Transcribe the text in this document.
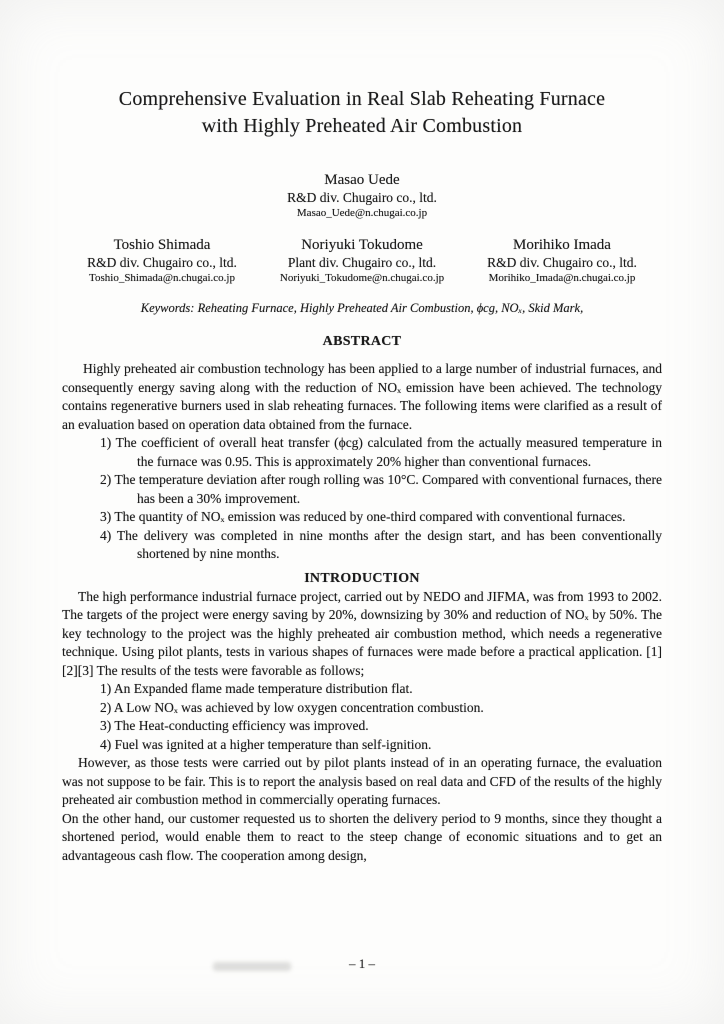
Comprehensive Evaluation in Real Slab Reheating Furnace
with Highly Preheated Air Combustion
Masao Uede
R&D div. Chugairo co., ltd.
Masao_Uede@n.chugai.co.jp
Toshio Shimada
R&D div. Chugairo co., ltd.
Toshio_Shimada@n.chugai.co.jp
Noriyuki Tokudome
Plant div. Chugairo co., ltd.
Noriyuki_Tokudome@n.chugai.co.jp
Morihiko Imada
R&D div. Chugairo co., ltd.
Morihiko_Imada@n.chugai.co.jp
Keywords: Reheating Furnace, Highly Preheated Air Combustion, ϕcg, NOₓ, Skid Mark,
ABSTRACT

Highly preheated air combustion technology has been applied to a large number of industrial furnaces, and consequently energy saving along with the reduction of NOₓ emission have been achieved. The technology contains regenerative burners used in slab reheating furnaces. The following items were clarified as a result of an evaluation based on operation data obtained from the furnace.

1) The coefficient of overall heat transfer (ϕcg) calculated from the actually measured temperature in the furnace was 0.95. This is approximately 20% higher than conventional furnaces.
2) The temperature deviation after rough rolling was 10°C. Compared with conventional furnaces, there has been a 30% improvement.
3) The quantity of NOₓ emission was reduced by one-third compared with conventional furnaces.
4) The delivery was completed in nine months after the design start, and has been conventionally shortened by nine months.
INTRODUCTION

The high performance industrial furnace project, carried out by NEDO and JIFMA, was from 1993 to 2002. The targets of the project were energy saving by 20%, downsizing by 30% and reduction of NOₓ by 50%. The key technology to the project was the highly preheated air combustion method, which needs a regenerative technique. Using pilot plants, tests in various shapes of furnaces were made before a practical application. [1][2][3] The results of the tests were favorable as follows;

1) An Expanded flame made temperature distribution flat.
2) A Low NOₓ was achieved by low oxygen concentration combustion.
3) The Heat-conducting efficiency was improved.
4) Fuel was ignited at a higher temperature than self-ignition.

However, as those tests were carried out by pilot plants instead of in an operating furnace, the evaluation was not suppose to be fair. This is to report the analysis based on real data and CFD of the results of the highly preheated air combustion method in commercially operating furnaces.

On the other hand, our customer requested us to shorten the delivery period to 9 months, since they thought a shortened period, would enable them to react to the steep change of economic situations and to get an advantageous cash flow. The cooperation among design,

– 1 –
